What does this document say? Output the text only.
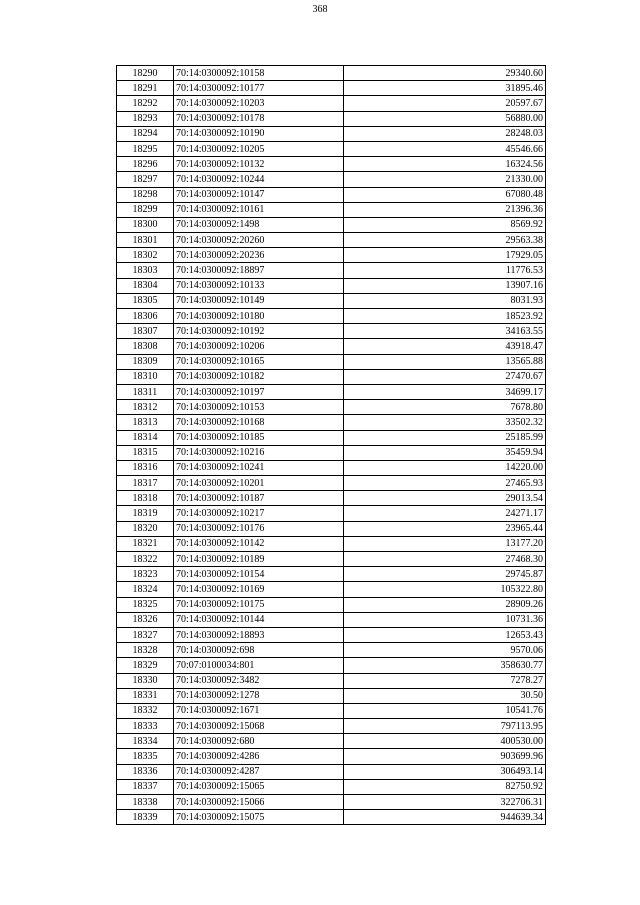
368
18290	70:14:0300092:10158	29340.60
18291	70:14:0300092:10177	31895.46
18292	70:14:0300092:10203	20597.67
18293	70:14:0300092:10178	56880.00
18294	70:14:0300092:10190	28248.03
18295	70:14:0300092:10205	45546.66
18296	70:14:0300092:10132	16324.56
18297	70:14:0300092:10244	21330.00
18298	70:14:0300092:10147	67080.48
18299	70:14:0300092:10161	21396.36
18300	70:14:0300092:1498	8569.92
18301	70:14:0300092:20260	29563.38
18302	70:14:0300092:20236	17929.05
18303	70:14:0300092:18897	11776.53
18304	70:14:0300092:10133	13907.16
18305	70:14:0300092:10149	8031.93
18306	70:14:0300092:10180	18523.92
18307	70:14:0300092:10192	34163.55
18308	70:14:0300092:10206	43918.47
18309	70:14:0300092:10165	13565.88
18310	70:14:0300092:10182	27470.67
18311	70:14:0300092:10197	34699.17
18312	70:14:0300092:10153	7678.80
18313	70:14:0300092:10168	33502.32
18314	70:14:0300092:10185	25185.99
18315	70:14:0300092:10216	35459.94
18316	70:14:0300092:10241	14220.00
18317	70:14:0300092:10201	27465.93
18318	70:14:0300092:10187	29013.54
18319	70:14:0300092:10217	24271.17
18320	70:14:0300092:10176	23965.44
18321	70:14:0300092:10142	13177.20
18322	70:14:0300092:10189	27468.30
18323	70:14:0300092:10154	29745.87
18324	70:14:0300092:10169	105322.80
18325	70:14:0300092:10175	28909.26
18326	70:14:0300092:10144	10731.36
18327	70:14:0300092:18893	12653.43
18328	70:14:0300092:698	9570.06
18329	70:07:0100034:801	358630.77
18330	70:14:0300092:3482	7278.27
18331	70:14:0300092:1278	30.50
18332	70:14:0300092:1671	10541.76
18333	70:14:0300092:15068	797113.95
18334	70:14:0300092:680	400530.00
18335	70:14:0300092:4286	903699.96
18336	70:14:0300092:4287	306493.14
18337	70:14:0300092:15065	82750.92
18338	70:14:0300092:15066	322706.31
18339	70:14:0300092:15075	944639.34
